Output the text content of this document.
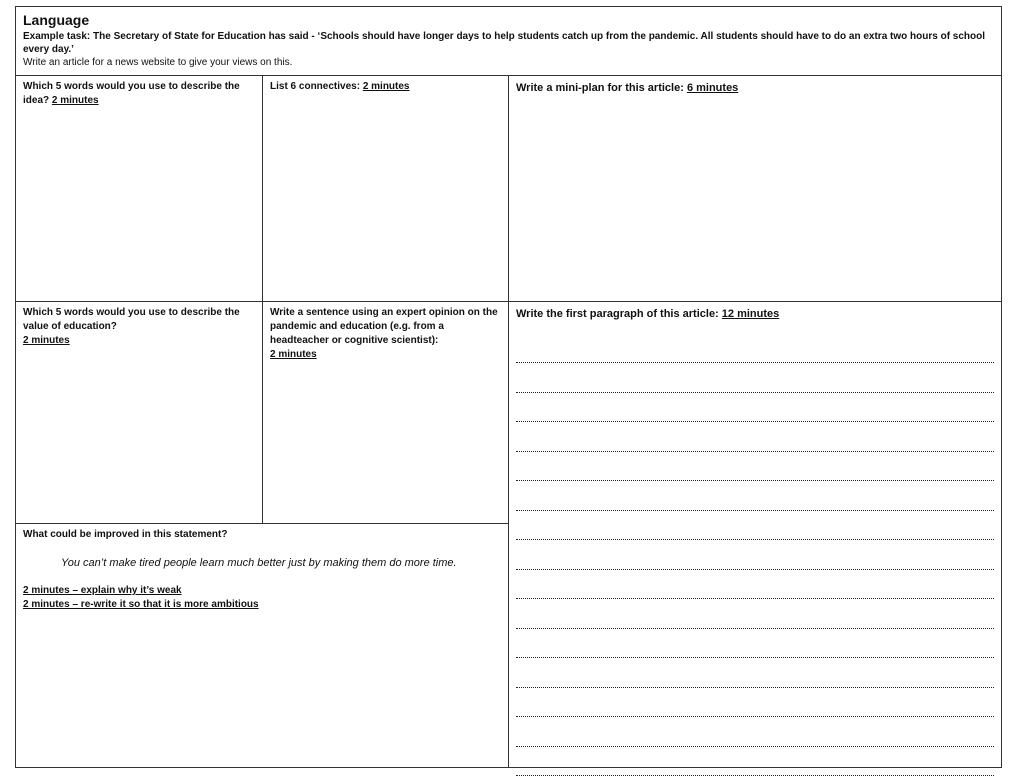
Language
Example task: The Secretary of State for Education has said - ‘Schools should have longer days to help students catch up from the pandemic. All students should have to do an extra two hours of school every day.’
Write an article for a news website to give your views on this.
Which 5 words would you use to describe the idea? 2 minutes
List 6 connectives: 2 minutes	Write a mini-plan for this article: 6 minutes
Which 5 words would you use to describe the value of education?
2 minutes
Write a sentence using an expert opinion on the pandemic and education (e.g. from a headteacher or cognitive scientist):
2 minutes
Write the first paragraph of this article: 12 minutes
What could be improved in this statement?
You can’t make tired people learn much better just by making them do more time.
2 minutes – explain why it’s weak
2 minutes – re-write it so that it is more ambitious
